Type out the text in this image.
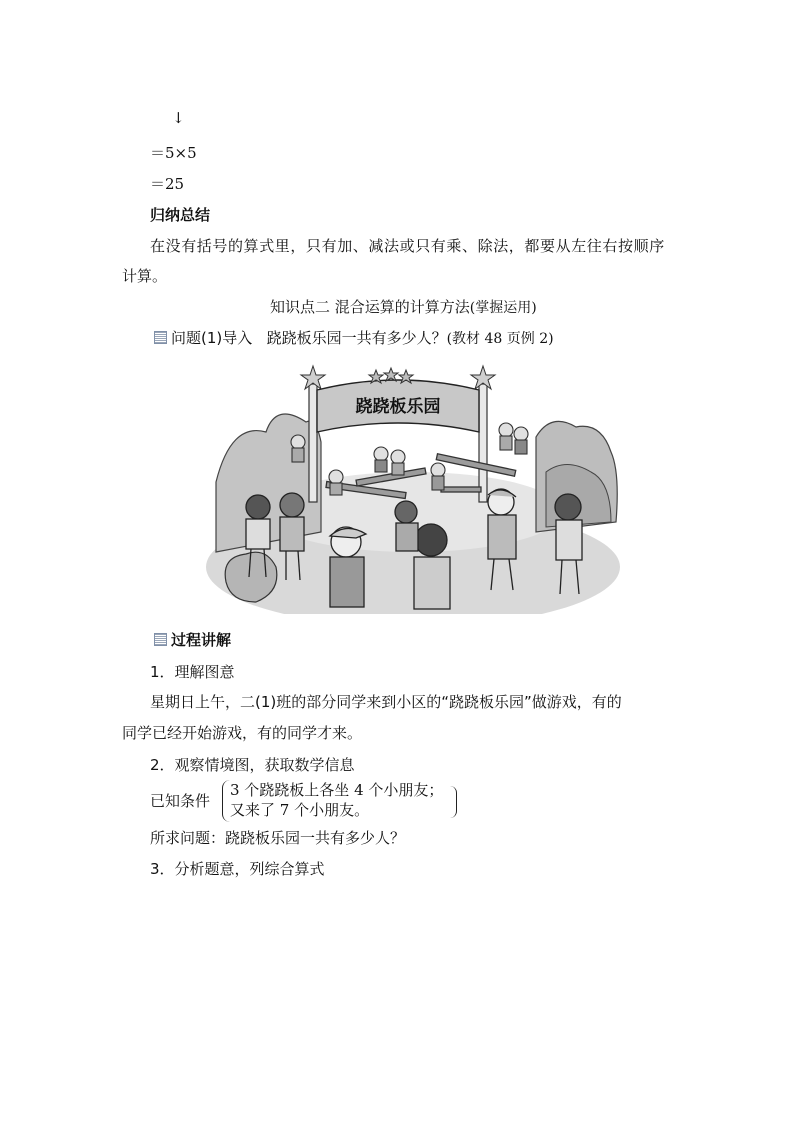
↓
＝5×5
＝25
归纳总结
在没有括号的算式里，只有加、减法或只有乘、除法，都要从左往右按顺序
计算。
知识点二 混合运算的计算方法(掌握运用)
问题(1)导入 跷跷板乐园一共有多少人？(教材 48 页例 2)
跷跷板乐园
过程讲解
1．理解图意
星期日上午，二(1)班的部分同学来到小区的“跷跷板乐园”做游戏，有的
同学已经开始游戏，有的同学才来。
2．观察情境图，获取数学信息
已知条件
3 个跷跷板上各坐 4 个小朋友；
又来了 7 个小朋友。
所求问题：跷跷板乐园一共有多少人？
3．分析题意，列综合算式
